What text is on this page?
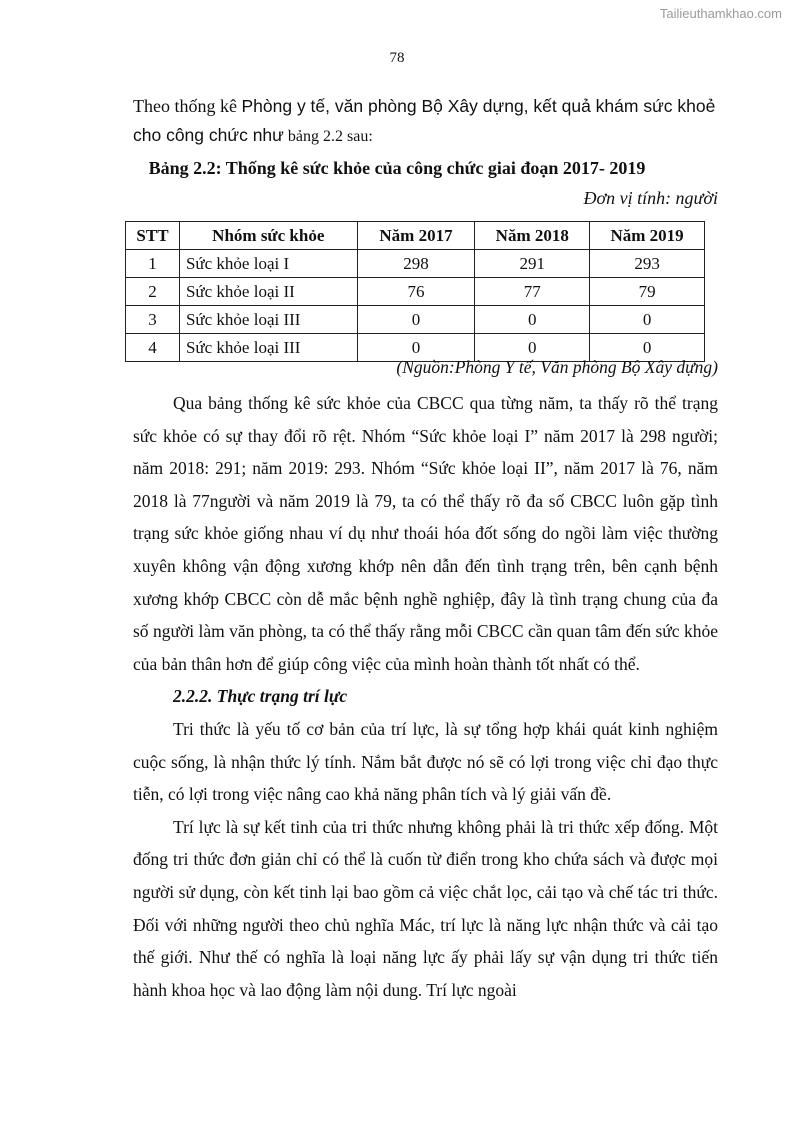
Tailieuthamkhao.com
78
Theo thống kê Phòng y tế, văn phòng Bộ Xây dựng, kết quả khám sức khoẻ cho công chức như bảng 2.2 sau:
Bảng 2.2: Thống kê sức khỏe của công chức giai đoạn 2017- 2019
Đơn vị tính: người
STT	Nhóm sức khỏe	Năm 2017	Năm 2018	Năm 2019
1	Sức khỏe loại I	298	291	293
2	Sức khỏe loại II	76	77	79
3	Sức khỏe loại III	0	0	0
4	Sức khỏe loại III	0	0	0
(Nguồn:Phòng Y tế, Văn phòng Bộ Xây dựng)

Qua bảng thống kê sức khỏe của CBCC qua từng năm, ta thấy rõ thể trạng sức khỏe có sự thay đổi rõ rệt. Nhóm “Sức khỏe loại I” năm 2017 là 298 người; năm 2018: 291; năm 2019: 293. Nhóm “Sức khỏe loại II”, năm 2017 là 76, năm 2018 là 77người và năm 2019 là 79, ta có thể thấy rõ đa số CBCC luôn gặp tình trạng sức khỏe giống nhau ví dụ như thoái hóa đốt sống do ngồi làm việc thường xuyên không vận động xương khớp nên dẫn đến tình trạng trên, bên cạnh bệnh xương khớp CBCC còn dễ mắc bệnh nghề nghiệp, đây là tình trạng chung của đa số người làm văn phòng, ta có thể thấy rằng mỗi CBCC cần quan tâm đến sức khỏe của bản thân hơn để giúp công việc của mình hoàn thành tốt nhất có thể.

2.2.2. Thực trạng trí lực

Tri thức là yếu tố cơ bản của trí lực, là sự tổng hợp khái quát kinh nghiệm cuộc sống, là nhận thức lý tính. Nắm bắt được nó sẽ có lợi trong việc chỉ đạo thực tiễn, có lợi trong việc nâng cao khả năng phân tích và lý giải vấn đề.

Trí lực là sự kết tinh của tri thức nhưng không phải là tri thức xếp đống. Một đống tri thức đơn giản chỉ có thể là cuốn từ điển trong kho chứa sách và được mọi người sử dụng, còn kết tinh lại bao gồm cả việc chắt lọc, cải tạo và chế tác tri thức. Đối với những người theo chủ nghĩa Mác, trí lực là năng lực nhận thức và cải tạo thế giới. Như thế có nghĩa là loại năng lực ấy phải lấy sự vận dụng tri thức tiến hành khoa học và lao động làm nội dung. Trí lực ngoài
